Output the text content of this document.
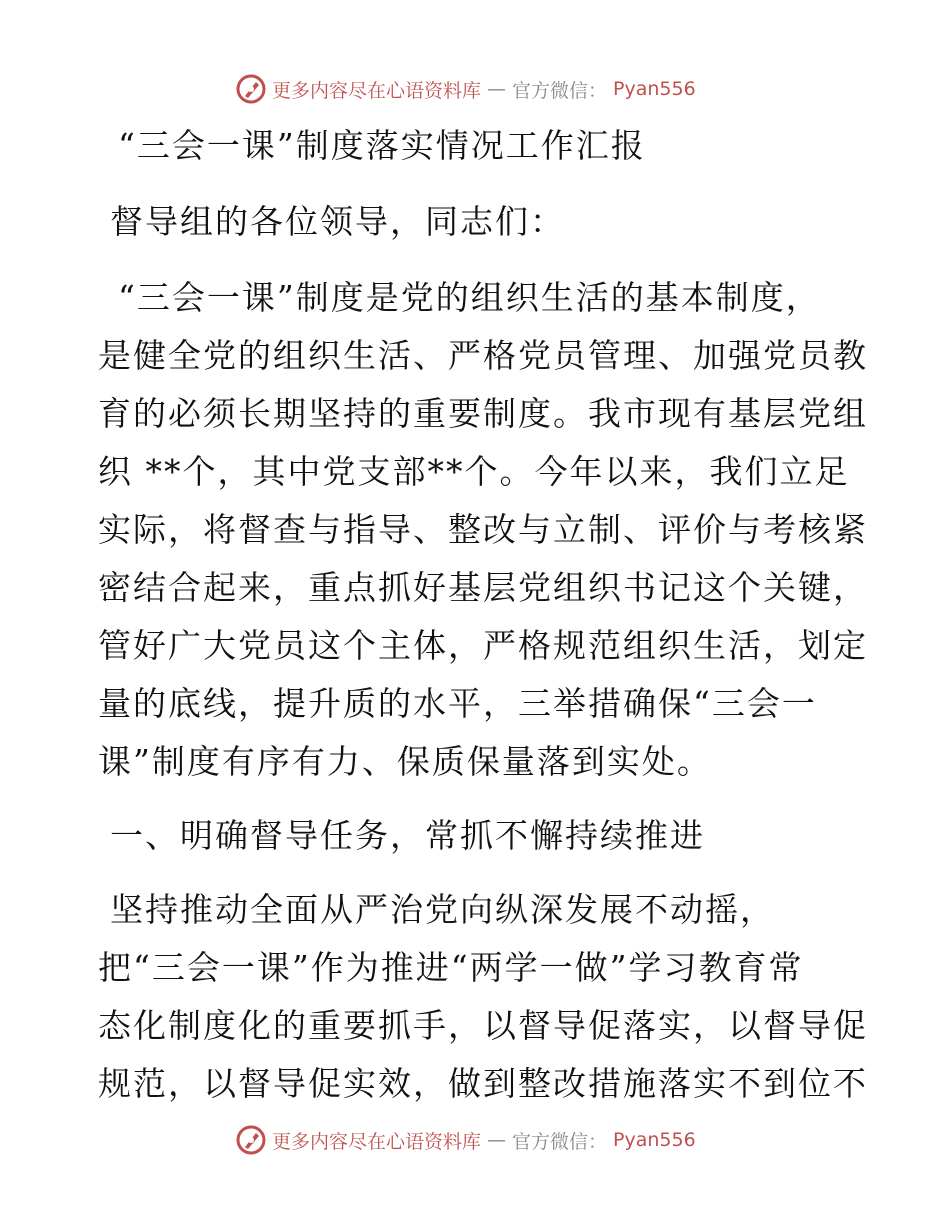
更多内容尽在心语资料库 — 官方微信： Pyan556
“三会一课”制度落实情况工作汇报
督导组的各位领导，同志们：
“三会一课”制度是党的组织生活的基本制度，
是健全党的组织生活、严格党员管理、加强党员教
育的必须长期坚持的重要制度。我市现有基层党组
织 **个，其中党支部**个。今年以来，我们立足
实际，将督查与指导、整改与立制、评价与考核紧
密结合起来，重点抓好基层党组织书记这个关键，
管好广大党员这个主体，严格规范组织生活，划定
量的底线，提升质的水平，三举措确保“三会一
课”制度有序有力、保质保量落到实处。
一、明确督导任务，常抓不懈持续推进
坚持推动全面从严治党向纵深发展不动摇，
把“三会一课”作为推进“两学一做”学习教育常
态化制度化的重要抓手，以督导促落实，以督导促
规范，以督导促实效，做到整改措施落实不到位不
更多内容尽在心语资料库 — 官方微信： Pyan556
